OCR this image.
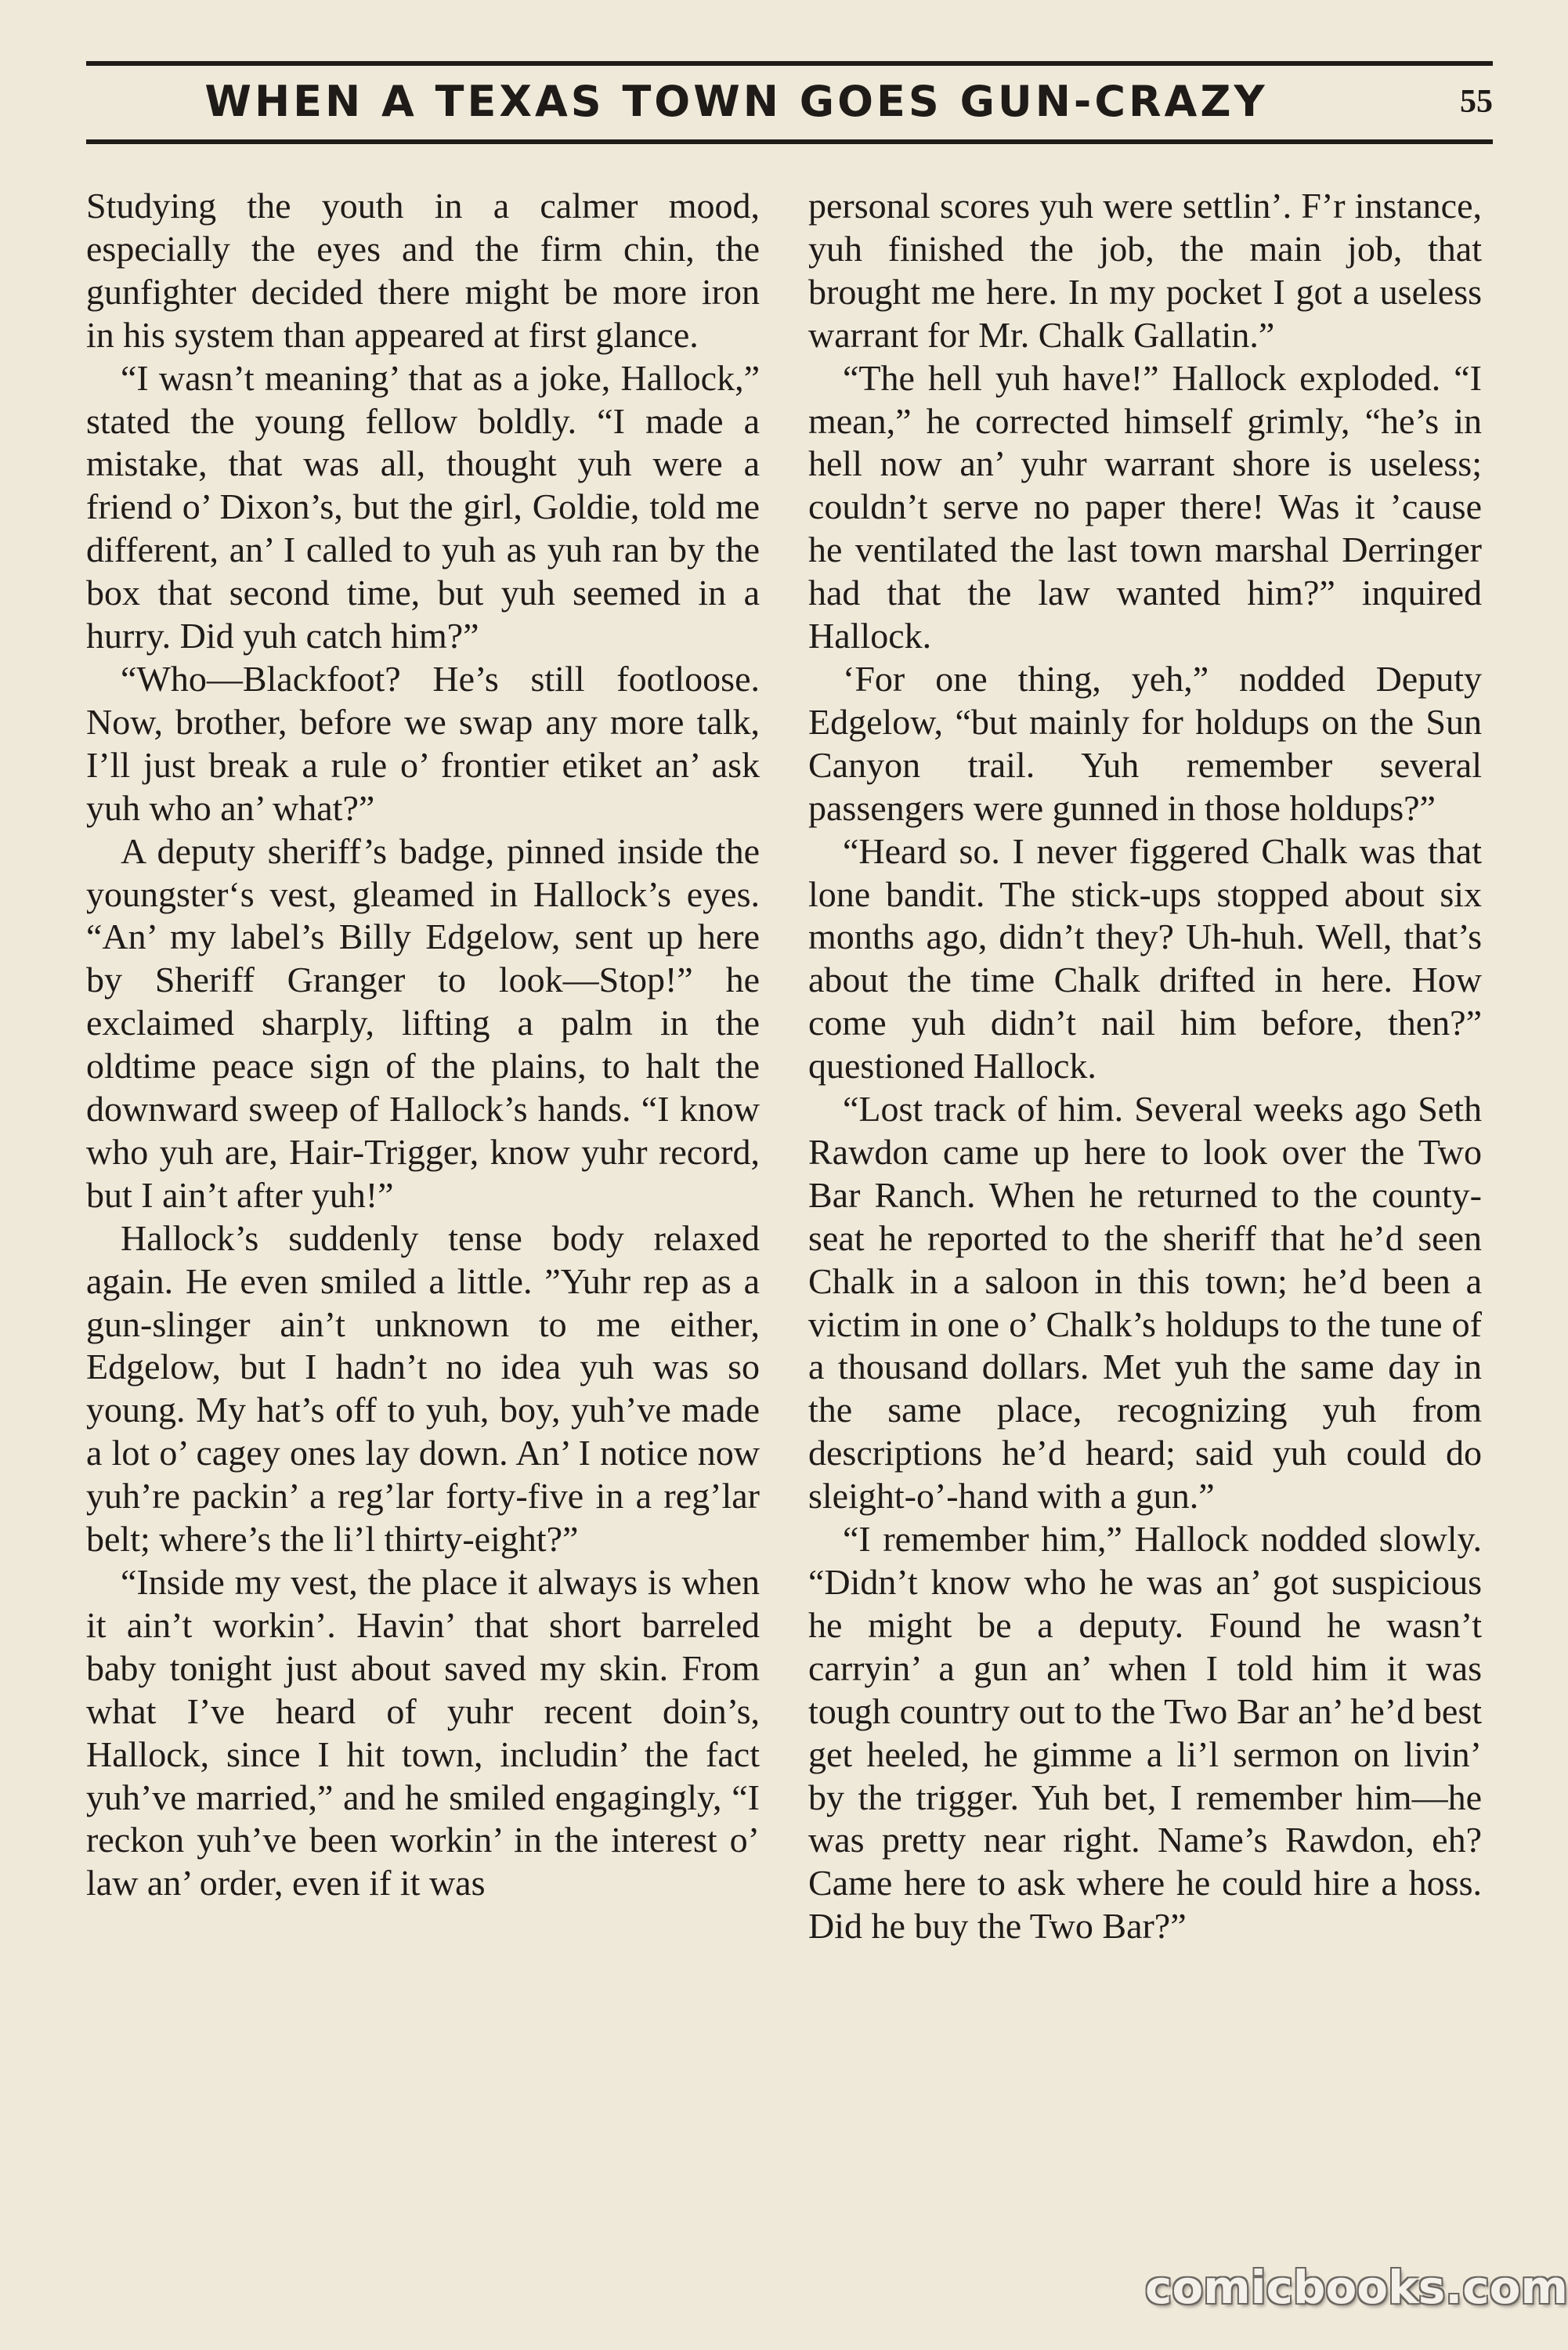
WHEN A TEXAS TOWN GOES GUN-CRAZY	55

Studying the youth in a calmer mood, especially the eyes and the firm chin, the gunfighter decided there might be more iron in his system than appeared at first glance.

“I wasn’t meaning’ that as a joke, Hallock,” stated the young fellow boldly. “I made a mistake, that was all, thought yuh were a friend o’ Dixon’s, but the girl, Goldie, told me different, an’ I called to yuh as yuh ran by the box that second time, but yuh seemed in a hurry. Did yuh catch him?”

“Who—Blackfoot? He’s still footloose. Now, brother, before we swap any more talk, I’ll just break a rule o’ frontier etiket an’ ask yuh who an’ what?”

A deputy sheriff’s badge, pinned inside the youngster‘s vest, gleamed in Hallock’s eyes. “An’ my label’s Billy Edgelow, sent up here by Sheriff Granger to look—Stop!” he exclaimed sharply, lifting a palm in the oldtime peace sign of the plains, to halt the downward sweep of Hallock’s hands. “I know who yuh are, Hair-Trigger, know yuhr record, but I ain’t after yuh!”

Hallock’s suddenly tense body relaxed again. He even smiled a little. ”Yuhr rep as a gun-slinger ain’t unknown to me either, Edgelow, but I hadn’t no idea yuh was so young. My hat’s off to yuh, boy, yuh’ve made a lot o’ cagey ones lay down. An’ I notice now yuh’re packin’ a reg’lar forty-five in a reg’lar belt; where’s the li’l thirty-eight?”

“Inside my vest, the place it always is when it ain’t workin’. Havin’ that short barreled baby tonight just about saved my skin. From what I’ve heard of yuhr recent doin’s, Hallock, since I hit town, includin’ the fact yuh’ve married,” and he smiled engagingly, “I reckon yuh’ve been workin’ in the interest o’ law an’ order, even if it was

personal scores yuh were settlin’. F’r instance, yuh finished the job, the main job, that brought me here. In my pocket I got a useless warrant for Mr. Chalk Gallatin.”

“The hell yuh have!” Hallock exploded. “I mean,” he corrected himself grimly, “he’s in hell now an’ yuhr warrant shore is useless; couldn’t serve no paper there! Was it ’cause he ventilated the last town marshal Derringer had that the law wanted him?” inquired Hallock.

‘For one thing, yeh,” nodded Deputy Edgelow, “but mainly for holdups on the Sun Canyon trail. Yuh remember several passengers were gunned in those holdups?”

“Heard so. I never figgered Chalk was that lone bandit. The stick-ups stopped about six months ago, didn’t they? Uh-huh. Well, that’s about the time Chalk drifted in here. How come yuh didn’t nail him before, then?” questioned Hallock.

“Lost track of him. Several weeks ago Seth Rawdon came up here to look over the Two Bar Ranch. When he returned to the county-seat he reported to the sheriff that he’d seen Chalk in a saloon in this town; he’d been a victim in one o’ Chalk’s holdups to the tune of a thousand dollars. Met yuh the same day in the same place, recognizing yuh from descriptions he’d heard; said yuh could do sleight-o’-hand with a gun.”

“I remember him,” Hallock nodded slowly. “Didn’t know who he was an’ got suspicious he might be a deputy. Found he wasn’t carryin’ a gun an’ when I told him it was tough country out to the Two Bar an’ he’d best get heeled, he gimme a li’l sermon on livin’ by the trigger. Yuh bet, I remember him—he was pretty near right. Name’s Rawdon, eh? Came here to ask where he could hire a hoss. Did he buy the Two Bar?”

comicbooks.com
